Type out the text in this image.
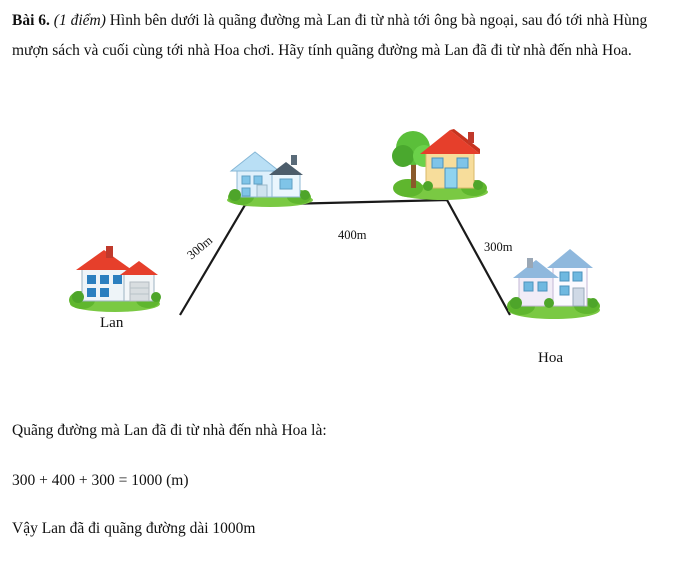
Bài 6. (1 điểm) Hình bên dưới là quãng đường mà Lan đi từ nhà tới ông bà ngoại, sau đó tới nhà Hùng mượn sách và cuối cùng tới nhà Hoa chơi. Hãy tính quãng đường mà Lan đã đi từ nhà đến nhà Hoa.
Lan
Hoa
300m	400m
300m
Quãng đường mà Lan đã đi từ nhà đến nhà Hoa là:
300 + 400 + 300 = 1000 (m)
Vậy Lan đã đi quãng đường dài 1000m
